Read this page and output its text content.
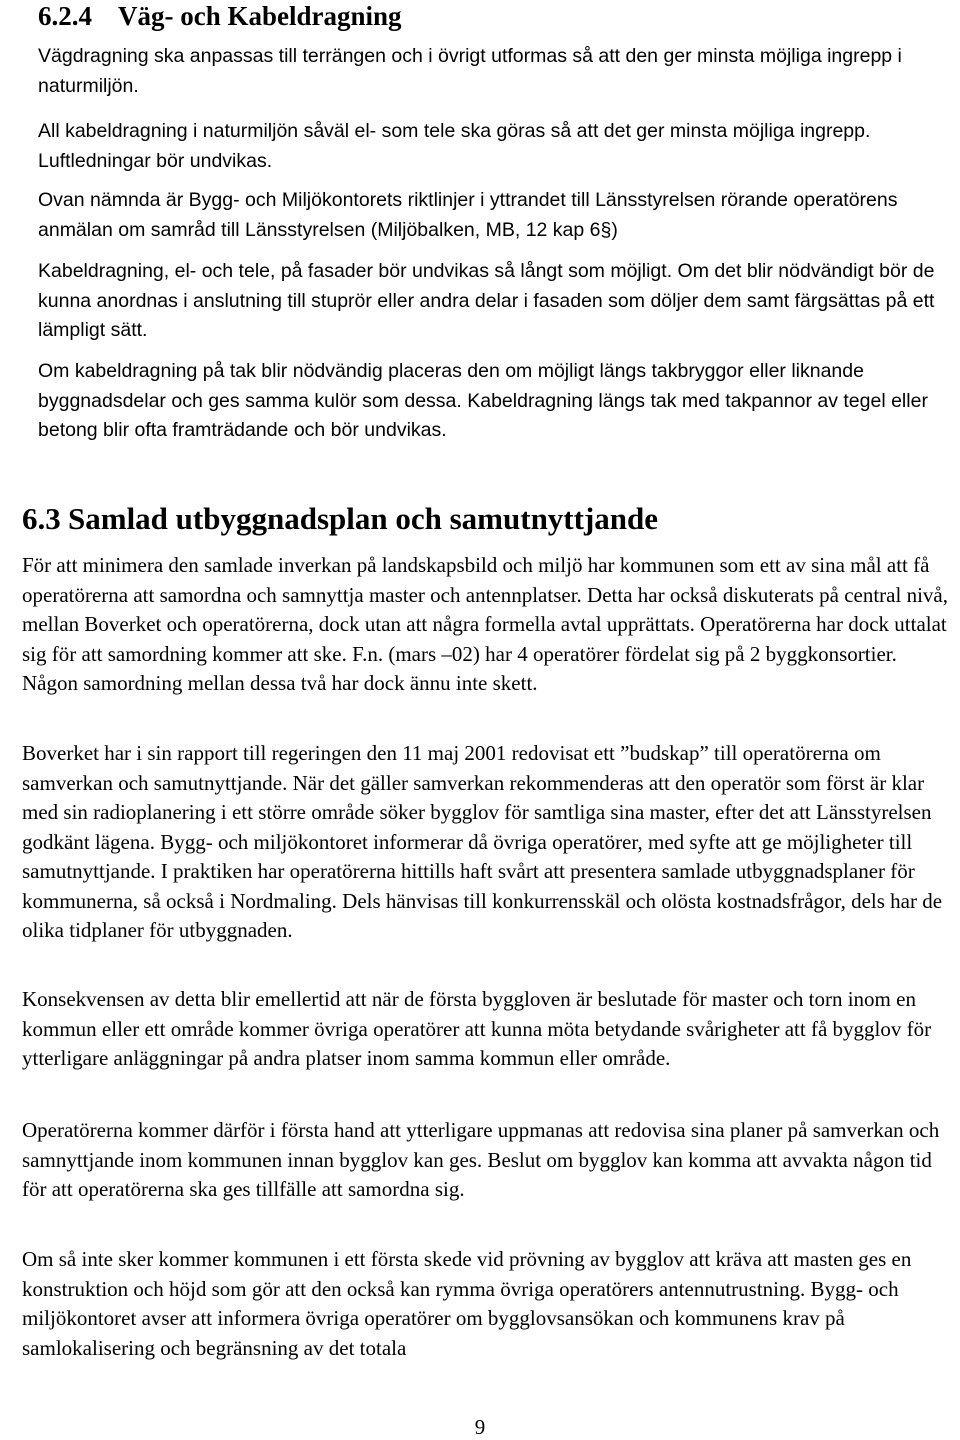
6.2.4 Väg- och Kabeldragning

Vägdragning ska anpassas till terrängen och i övrigt utformas så att den ger minsta möjliga ingrepp i naturmiljön.

All kabeldragning i naturmiljön såväl el- som tele ska göras så att det ger minsta möjliga ingrepp. Luftledningar bör undvikas.

Ovan nämnda är Bygg- och Miljökontorets riktlinjer i yttrandet till Länsstyrelsen rörande operatörens anmälan om samråd till Länsstyrelsen (Miljöbalken, MB, 12 kap 6§)

Kabeldragning, el- och tele, på fasader bör undvikas så långt som möjligt. Om det blir nödvändigt bör de kunna anordnas i anslutning till stuprör eller andra delar i fasaden som döljer dem samt färgsättas på ett lämpligt sätt.

Om kabeldragning på tak blir nödvändig placeras den om möjligt längs takbryggor eller liknande byggnadsdelar och ges samma kulör som dessa. Kabeldragning längs tak med takpannor av tegel eller betong blir ofta framträdande och bör undvikas.

6.3 Samlad utbyggnadsplan och samutnyttjande

För att minimera den samlade inverkan på landskapsbild och miljö har kommunen som ett av sina mål att få operatörerna att samordna och samnyttja master och antennplatser. Detta har också diskuterats på central nivå, mellan Boverket och operatörerna, dock utan att några formella avtal upprättats. Operatörerna har dock uttalat sig för att samordning kommer att ske. F.n. (mars –02) har 4 operatörer fördelat sig på 2 byggkonsortier. Någon samordning mellan dessa två har dock ännu inte skett.

Boverket har i sin rapport till regeringen den 11 maj 2001 redovisat ett ”budskap” till operatörerna om samverkan och samutnyttjande. När det gäller samverkan rekommenderas att den operatör som först är klar med sin radioplanering i ett större område söker bygglov för samtliga sina master, efter det att Länsstyrelsen godkänt lägena. Bygg- och miljökontoret informerar då övriga operatörer, med syfte att ge möjligheter till samutnyttjande. I praktiken har operatörerna hittills haft svårt att presentera samlade utbyggnadsplaner för kommunerna, så också i Nordmaling. Dels hänvisas till konkurrensskäl och olösta kostnadsfrågor, dels har de olika tidplaner för utbyggnaden.

Konsekvensen av detta blir emellertid att när de första byggloven är beslutade för master och torn inom en kommun eller ett område kommer övriga operatörer att kunna möta betydande svårigheter att få bygglov för ytterligare anläggningar på andra platser inom samma kommun eller område.

Operatörerna kommer därför i första hand att ytterligare uppmanas att redovisa sina planer på samverkan och samnyttjande inom kommunen innan bygglov kan ges. Beslut om bygglov kan komma att avvakta någon tid för att operatörerna ska ges tillfälle att samordna sig.

Om så inte sker kommer kommunen i ett första skede vid prövning av bygglov att kräva att masten ges en konstruktion och höjd som gör att den också kan rymma övriga operatörers antennutrustning. Bygg- och miljökontoret avser att informera övriga operatörer om bygglovsansökan och kommunens krav på samlokalisering och begränsning av det totala

9
